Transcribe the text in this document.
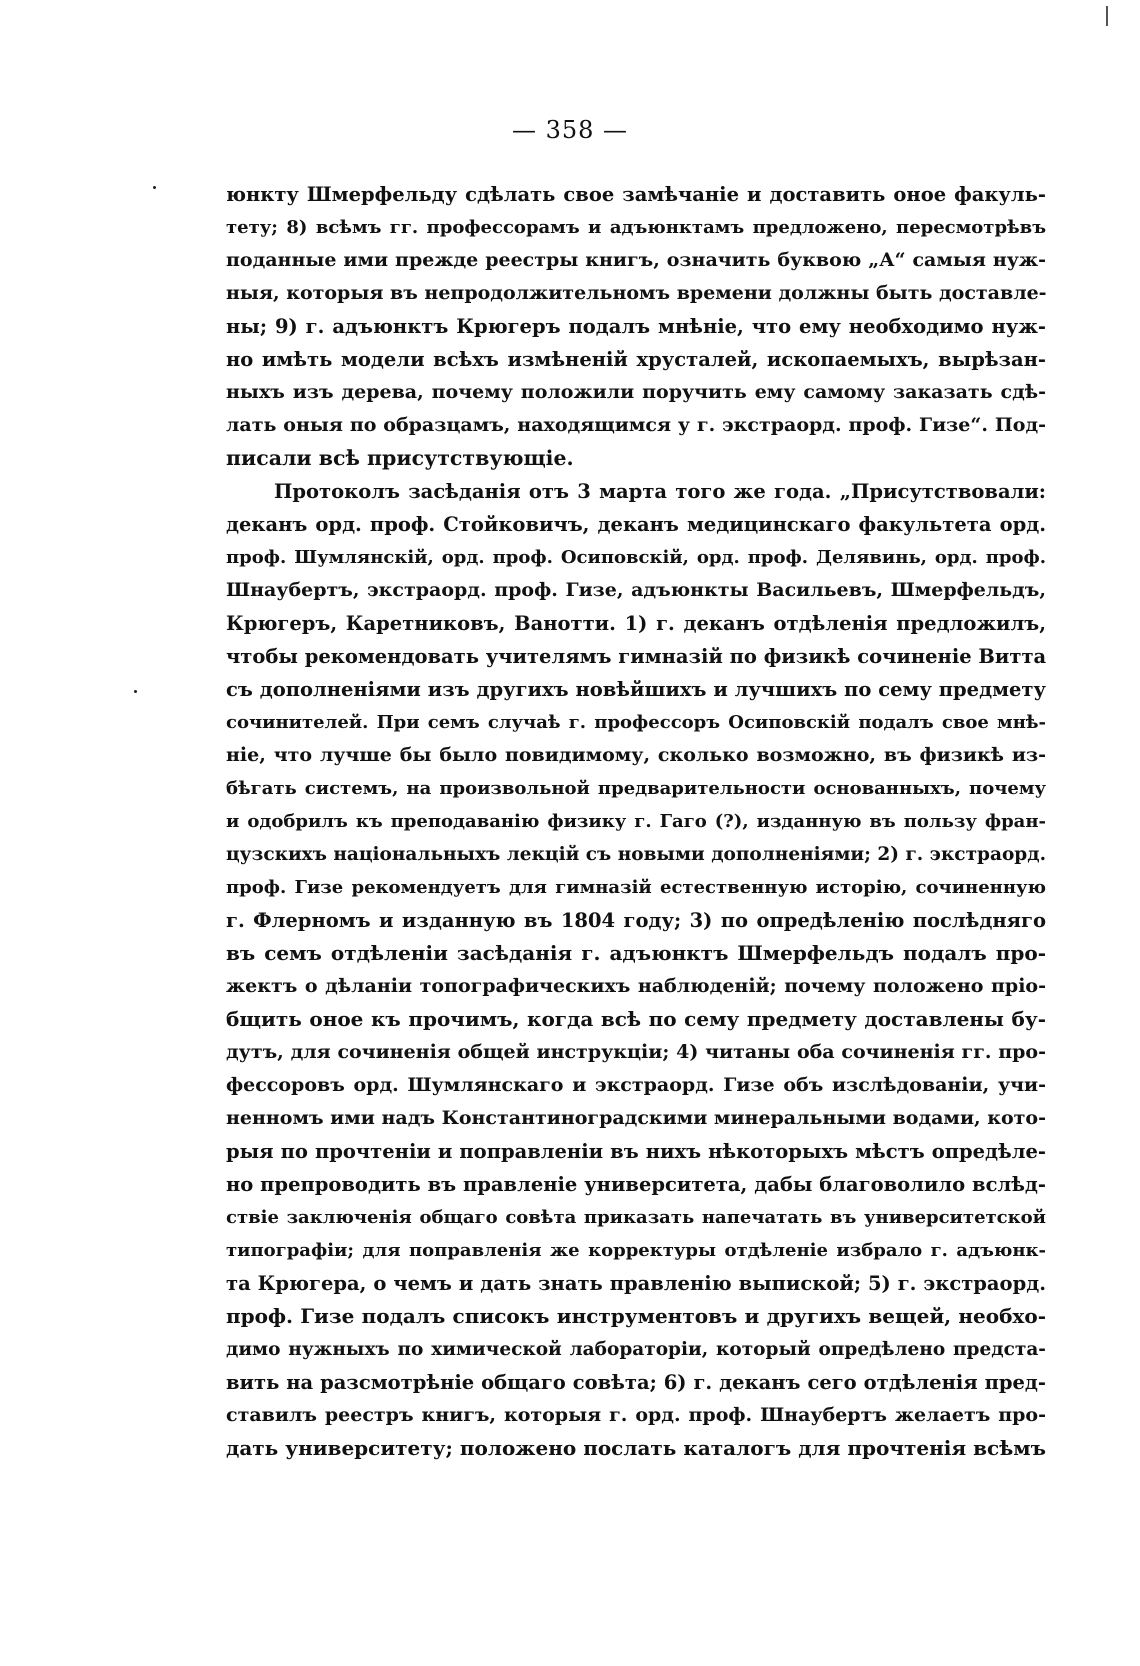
— 358 —
юнкту Шмерфельду сдѣлать свое замѣчаніе и доставить оное факуль-
тету; 8) всѣмъ гг. профессорамъ и адъюнктамъ предложено, пересмотрѣвъ
поданные ими прежде реестры книгъ, означить буквою „А“ самыя нуж-
ныя, которыя въ непродолжительномъ времени должны быть доставле-
ны; 9) г. адъюнктъ Крюгеръ подалъ мнѣніе, что ему необходимо нуж-
но имѣть модели всѣхъ измѣненій хрусталей, ископаемыхъ, вырѣзан-
ныхъ изъ дерева, почему положили поручить ему самому заказать сдѣ-
лать оныя по образцамъ, находящимся у г. экстраорд. проф. Гизе“. Под-
писали всѣ присутствующіе.
Протоколъ засѣданія отъ 3 марта того же года. „Присутствовали:
деканъ орд. проф. Стойковичъ, деканъ медицинскаго факультета орд.
проф. Шумлянскій, орд. проф. Осиповскій, орд. проф. Делявинь, орд. проф.
Шнаубертъ, экстраорд. проф. Гизе, адъюнкты Васильевъ, Шмерфельдъ,
Крюгеръ, Каретниковъ, Ванотти. 1) г. деканъ отдѣленія предложилъ,
чтобы рекомендовать учителямъ гимназій по физикѣ сочиненіе Витта
съ дополненіями изъ другихъ новѣйшихъ и лучшихъ по сему предмету
сочинителей. При семъ случаѣ г. профессоръ Осиповскій подалъ свое мнѣ-
ніе, что лучше бы было повидимому, сколько возможно, въ физикѣ из-
бѣгать системъ, на произвольной предварительности основанныхъ, почему
и одобрилъ къ преподаванію физику г. Гаго (?), изданную въ пользу фран-
цузскихъ національныхъ лекцій съ новыми дополненіями; 2) г. экстраорд.
проф. Гизе рекомендуетъ для гимназій естественную исторію, сочиненную
г. Флерномъ и изданную въ 1804 году; 3) по опредѣленію послѣдняго
въ семъ отдѣленіи засѣданія г. адъюнктъ Шмерфельдъ подалъ про-
жектъ о дѣланіи топографическихъ наблюденій; почему положено пріо-
бщить оное къ прочимъ, когда всѣ по сему предмету доставлены бу-
дутъ, для сочиненія общей инструкціи; 4) читаны оба сочиненія гг. про-
фессоровъ орд. Шумлянскаго и экстраорд. Гизе объ изслѣдованіи, учи-
ненномъ ими надъ Константиноградскими минеральными водами, кото-
рыя по прочтеніи и поправленіи въ нихъ нѣкоторыхъ мѣстъ опредѣле-
но препроводить въ правленіе университета, дабы благоволило вслѣд-
ствіе заключенія общаго совѣта приказать напечатать въ университетской
типографіи; для поправленія же корректуры отдѣленіе избрало г. адъюнк-
та Крюгера, о чемъ и дать знать правленію выпиской; 5) г. экстраорд.
проф. Гизе подалъ списокъ инструментовъ и другихъ вещей, необхо-
димо нужныхъ по химической лабораторіи, который опредѣлено предста-
вить на разсмотрѣніе общаго совѣта; 6) г. деканъ сего отдѣленія пред-
ставилъ реестръ книгъ, которыя г. орд. проф. Шнаубертъ желаетъ про-
дать университету; положено послать каталогъ для прочтенія всѣмъ
